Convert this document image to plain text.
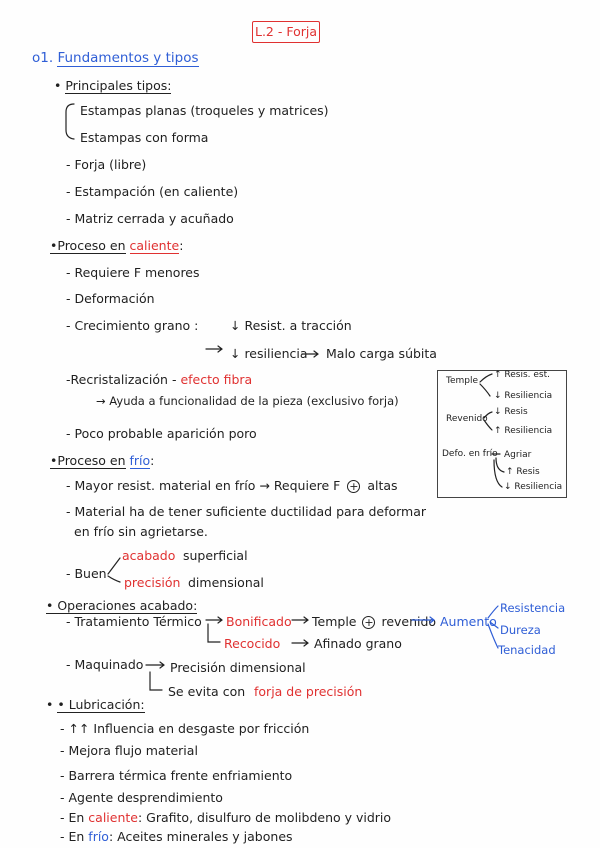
L.2 - Forja
o1. Fundamentos y tipos
• Principales tipos:
Estampas planas (troqueles y matrices)
Estampas con forma
- Forja (libre)
- Estampación (en caliente)
- Matriz cerrada y acuñado
•Proceso en caliente:
- Requiere F menores
- Deformación
- Crecimiento grano :	↓ Resist. a tracción
↓ resiliencia Malo carga súbita
-Recristalización - efecto fibra
→ Ayuda a funcionalidad de la pieza (exclusivo forja)
- Poco probable aparición poro
•Proceso en frío:
- Mayor resist. material en frío → Requiere F + altas
- Material ha de tener suficiente ductilidad para deformar
en frío sin agrietarse.
acabado superficial
- Buen
precisión dimensional
• Operaciones acabado:
- Tratamiento Térmico Bonificado Temple + revenido Aumento
Resistencia
Dureza
Tenacidad
Recocido	Afinado grano
- Maquinado Precisión dimensional
Se evita con forja de precisión
• • Lubricación:
- ↑↑ Influencia en desgaste por fricción
- Mejora flujo material
- Barrera térmica frente enfriamiento
- Agente desprendimiento
- En caliente: Grafito, disulfuro de molibdeno y vidrio
- En frío: Aceites minerales y jabones
Temple
↑ Resis. est.
↓ Resiliencia
Revenido
↓ Resis
↑ Resiliencia
Defo. en frío Agriar
↑ Resis
↓ Resiliencia
